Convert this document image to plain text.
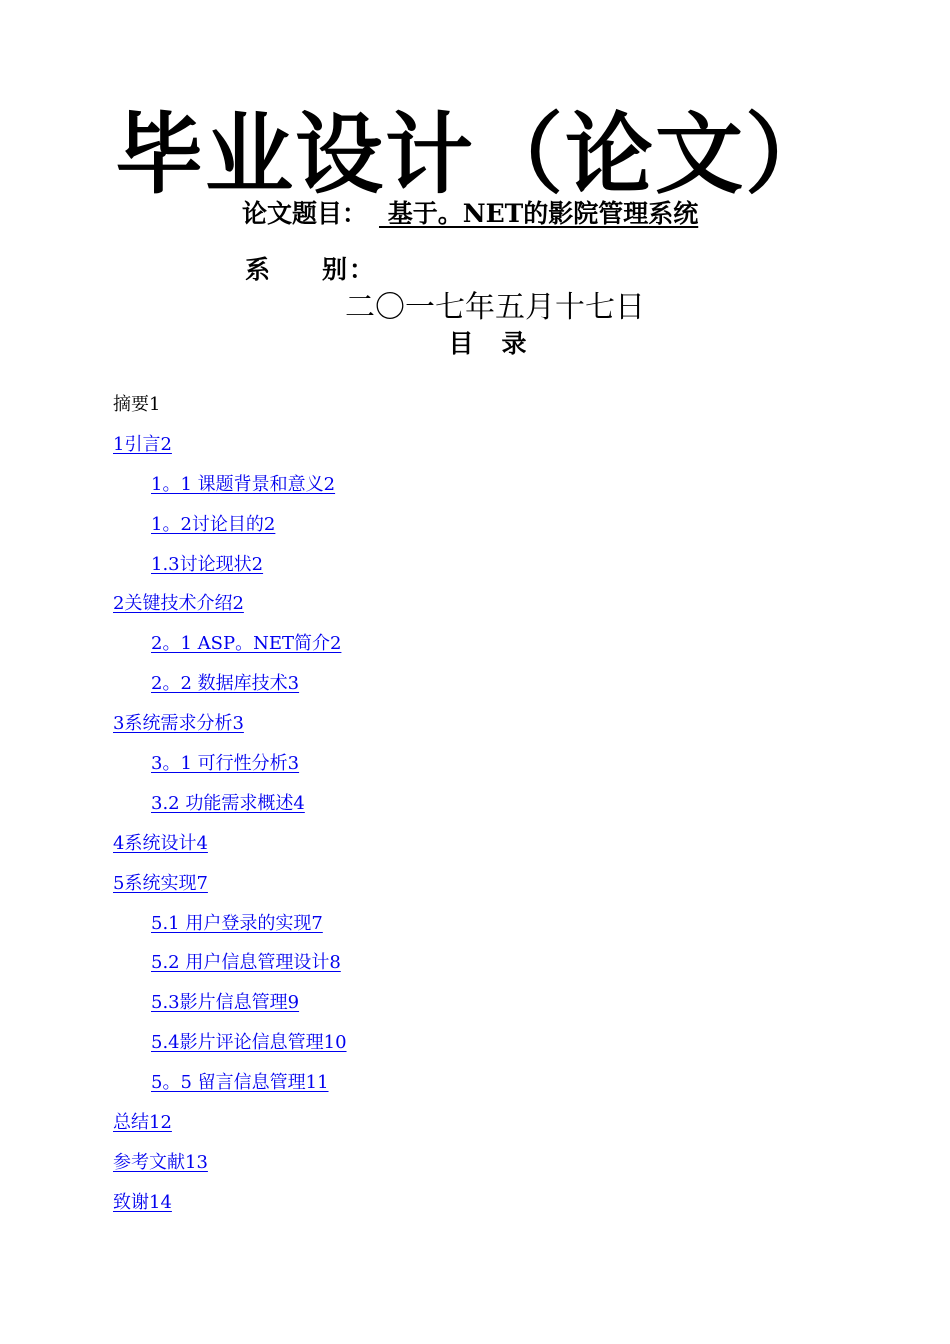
毕业设计（论文）
论文题目： 基于。NET的影院管理系统
系 别：
二〇一七年五月十七日
目 录
摘要1
1引言2
1。1 课题背景和意义2
1。2讨论目的2
1.3讨论现状2
2关键技术介绍2
2。1 ASP。NET简介2
2。2 数据库技术3
3系统需求分析3
3。1 可行性分析3
3.2 功能需求概述4
4系统设计4
5系统实现7
5.1 用户登录的实现7
5.2 用户信息管理设计8
5.3影片信息管理9
5.4影片评论信息管理10
5。5 留言信息管理11
总结12
参考文献13
致谢14
